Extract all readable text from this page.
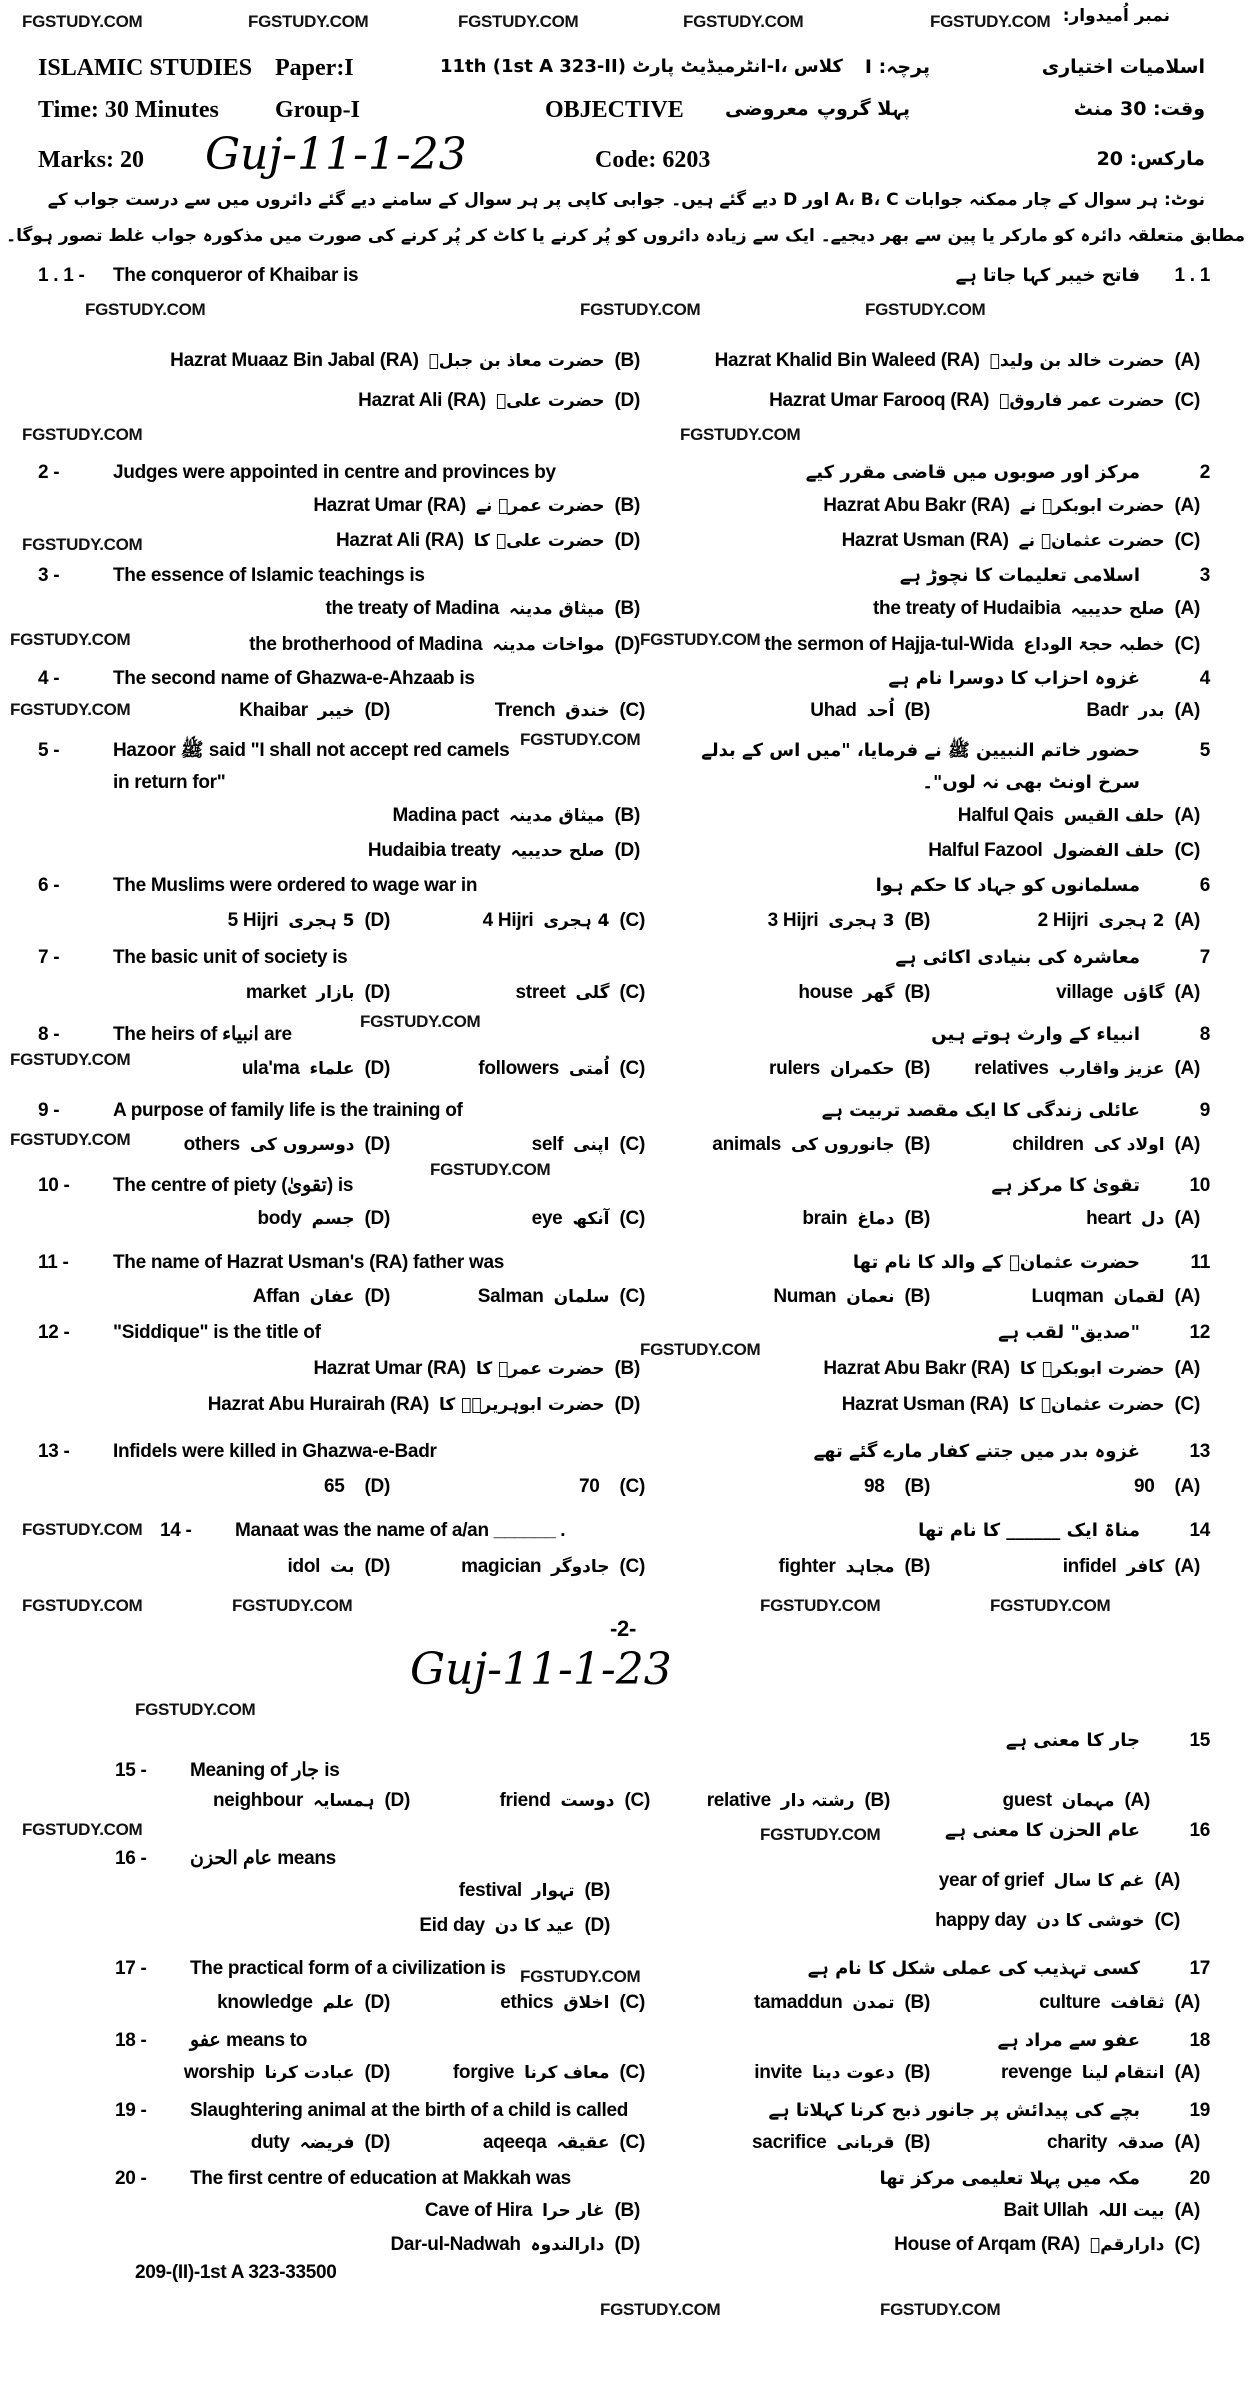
نمبر اُمیدوار:
ISLAMIC STUDIES Paper:I	11th (1st A 323-II) انٹرمیڈیٹ پارٹ-I، کلاس پرچہ: I	اسلامیات اختیاری
Time: 30 Minutes Group-I	OBJECTIVE معروضی پہلا گروپ	وقت: 30 منٹ
Marks: 20 Guj-11-1-23	Code: 6203	مارکس: 20
نوٹ: ہر سوال کے چار ممکنہ جوابات A، B، C اور D دیے گئے ہیں۔ جوابی کاپی پر ہر سوال کے سامنے دیے گئے دائروں میں سے درست جواب کے
مطابق متعلقہ دائرہ کو مارکر یا پین سے بھر دیجیے۔ ایک سے زیادہ دائروں کو پُر کرنے یا کاٹ کر پُر کرنے کی صورت میں مذکورہ جواب غلط تصور ہوگا۔
-2-
Guj-11-1-23
209-(II)-1st A 323-33500
FGSTUDY.COM	FGSTUDY.COM	FGSTUDY.COM	FGSTUDY.COM	FGSTUDY.COM
FGSTUDY.COM	FGSTUDY.COM	FGSTUDY.COM
FGSTUDY.COM	FGSTUDY.COM
FGSTUDY.COM
FGSTUDY.COM	FGSTUDY.COM
FGSTUDY.COM
FGSTUDY.COM
FGSTUDY.COM
FGSTUDY.COM
FGSTUDY.COM
FGSTUDY.COM
FGSTUDY.COM
FGSTUDY.COM
FGSTUDY.COM	FGSTUDY.COM	FGSTUDY.COM	FGSTUDY.COM
FGSTUDY.COM
FGSTUDY.COM	FGSTUDY.COM
FGSTUDY.COM
FGSTUDY.COM
FGSTUDY.COM
1 . 1 - The conqueror of Khaibar is	فاتح خیبر کہا جاتا ہے 1 . 1
Hazrat Khalid Bin Waleed (RA) حضرت خالد بن ولیدؓ (A)
Hazrat Muaaz Bin Jabal (RA) حضرت معاذ بن جبلؓ (B)
Hazrat Umar Farooq (RA) حضرت عمر فاروقؓ (C)
Hazrat Ali (RA) حضرت علیؓ (D)
2 -	Judges were appointed in centre and provinces by	مرکز اور صوبوں میں قاضی مقرر کیے	2
Hazrat Abu Bakr (RA) حضرت ابوبکرؓ نے (A)
Hazrat Umar (RA) حضرت عمرؓ نے (B)
Hazrat Usman (RA) حضرت عثمانؓ نے (C)
Hazrat Ali (RA) حضرت علیؓ کا (D)
3 -	The essence of Islamic teachings is	اسلامی تعلیمات کا نچوڑ ہے	3
the treaty of Hudaibia صلح حدیبیہ (A)
the treaty of Madina میثاق مدینہ (B)
the sermon of Hajja-tul-Wida خطبہ حجۃ الوداع (C)
the brotherhood of Madina مواخات مدینہ (D)
4 -	The second name of Ghazwa-e-Ahzaab is	غزوہ احزاب کا دوسرا نام ہے	4
Badr بدر (A)
Uhad اُحد (B)
Trench خندق (C)
Khaibar خیبر (D)
5 -	Hazoor ﷺ said "I shall not accept red camels	حضور خاتم النبیین ﷺ نے فرمایا، "میں اس کے بدلے	5
in return for"	سرخ اونٹ بھی نہ لوں"۔
Halful Qais حلف القیس (A)
Madina pact میثاق مدینہ (B)
Halful Fazool حلف الفضول (C)
Hudaibia treaty صلح حدیبیہ (D)
6 -	The Muslims were ordered to wage war in	مسلمانوں کو جہاد کا حکم ہوا	6
2 Hijri 2 ہجری (A)
3 Hijri 3 ہجری (B)
4 Hijri 4 ہجری (C)
5 Hijri 5 ہجری (D)
7 -	The basic unit of society is	معاشرہ کی بنیادی اکائی ہے	7
village گاؤں (A)
house گھر (B)
street گلی (C)
market بازار (D)
8 -	The heirs of انبیاء are	انبیاء کے وارث ہوتے ہیں	8
relatives عزیز واقارب (A)
rulers حکمران (B)
followers اُمتی (C)
ula'ma علماء (D)
9 -	A purpose of family life is the training of	عائلی زندگی کا ایک مقصد تربیت ہے	9
children اولاد کی (A)
animals جانوروں کی (B)
self اپنی (C)
others دوسروں کی (D)
10 - The centre of piety (تقویٰ) is	تقویٰ کا مرکز ہے	10
heart دل (A)
brain دماغ (B)
eye آنکھ (C)
body جسم (D)
11 - The name of Hazrat Usman's (RA) father was	حضرت عثمانؓ کے والد کا نام تھا	11
Luqman لقمان (A)
Numan نعمان (B)
Salman سلمان (C)
Affan عفان (D)
12 - "Siddique" is the title of	"صدیق" لقب ہے	12
Hazrat Abu Bakr (RA) حضرت ابوبکرؓ کا (A)
Hazrat Umar (RA) حضرت عمرؓ کا (B)
Hazrat Usman (RA) حضرت عثمانؓ کا (C)
Hazrat Abu Hurairah (RA) حضرت ابوہریرہؓ کا (D)
13 - Infidels were killed in Ghazwa-e-Badr	غزوہ بدر میں جتنے کفار مارے گئے تھے	13
90 (A)
98 (B)
70 (C)
65 (D)
14 - Manaat was the name of a/an ______ .	مناۃ ایک ______ کا نام تھا	14
infidel کافر (A)
fighter مجاہد (B)
magician جادوگر (C)
idol بت (D)
15 - Meaning of جار is
جار کا معنی ہے	15
guest مہمان (A)
relative رشتہ دار (B)
friend دوست (C)
neighbour ہمسایہ (D)
16 - عام الحزن means
عام الحزن کا معنی ہے	16
year of grief غم کا سال (A)
festival تہوار (B)
happy day خوشی کا دن (C)
Eid day عید کا دن (D)
17 - The practical form of a civilization is	کسی تہذیب کی عملی شکل کا نام ہے	17
culture ثقافت (A)
tamaddun تمدن (B)
ethics اخلاق (C)
knowledge علم (D)
18 - عفو means to	عفو سے مراد ہے	18
revenge انتقام لینا (A)
invite دعوت دینا (B)
forgive معاف کرنا (C)
worship عبادت کرنا (D)
19 - Slaughtering animal at the birth of a child is called	بچے کی پیدائش پر جانور ذبح کرنا کہلاتا ہے	19
charity صدقہ (A)
sacrifice قربانی (B)
aqeeqa عقیقہ (C)
duty فریضہ (D)
20 - The first centre of education at Makkah was	مکہ میں پہلا تعلیمی مرکز تھا	20
Bait Ullah بیت اللہ (A)
Cave of Hira غار حرا (B)
House of Arqam (RA) دارارقمؓ (C)
Dar-ul-Nadwah دارالندوہ (D)
